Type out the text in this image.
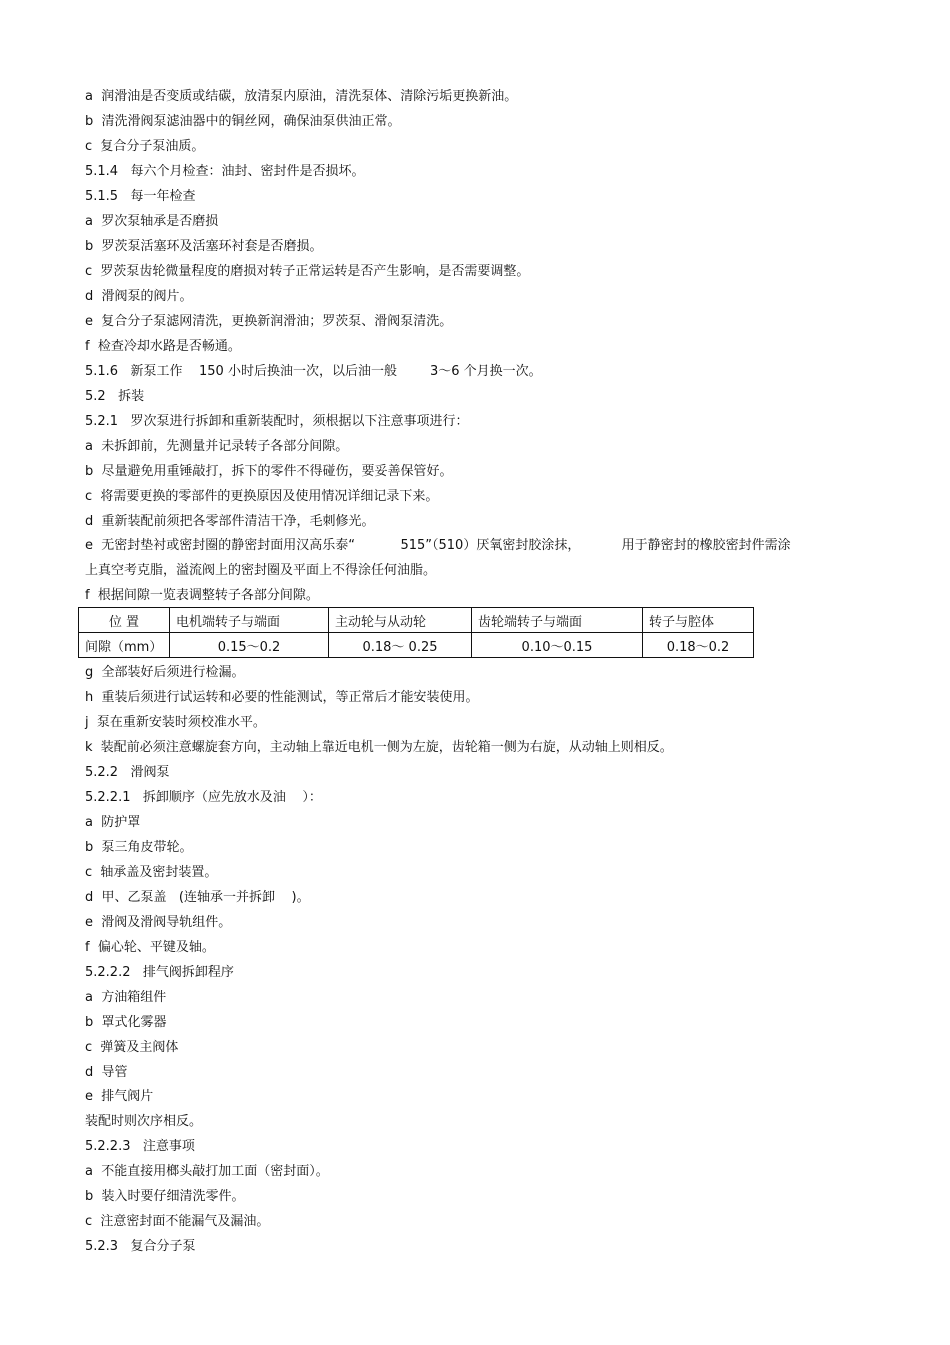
a  润滑油是否变质或结碳，放清泵内原油，清洗泵体、清除污垢更换新油。
b  清洗滑阀泵滤油器中的铜丝网，确保油泵供油正常。
c  复合分子泵油质。
5.1.4   每六个月检查：油封、密封件是否损坏。
5.1.5   每一年检查
a  罗次泵轴承是否磨损
b  罗茨泵活塞环及活塞环衬套是否磨损。
c  罗茨泵齿轮微量程度的磨损对转子正常运转是否产生影响，是否需要调整。
d  滑阀泵的阀片。
e  复合分子泵滤网清洗，更换新润滑油；罗茨泵、滑阀泵清洗。
f  检查冷却水路是否畅通。
5.1.6   新泵工作    150 小时后换油一次，以后油一般        3～6 个月换一次。
5.2   拆装
5.2.1   罗次泵进行拆卸和重新装配时，须根据以下注意事项进行：
a  未拆卸前，先测量并记录转子各部分间隙。
b  尽量避免用重锤敲打，拆下的零件不得碰伤，要妥善保管好。
c  将需要更换的零部件的更换原因及使用情况详细记录下来。
d  重新装配前须把各零部件清洁干净，毛刺修光。
e  无密封垫衬或密封圈的静密封面用汉高乐泰“           515”（510）厌氧密封胶涂抹，          用于静密封的橡胶密封件需涂
上真空考克脂，溢流阀上的密封圈及平面上不得涂任何油脂。
f  根据间隙一览表调整转子各部分间隙。
g  全部装好后须进行检漏。
h  重装后须进行试运转和必要的性能测试，等正常后才能安装使用。
j  泵在重新安装时须校准水平。
k  装配前必须注意螺旋套方向，主动轴上靠近电机一侧为左旋，齿轮箱一侧为右旋，从动轴上则相反。
5.2.2   滑阀泵
5.2.2.1   拆卸顺序（应先放水及油    ）：
a  防护罩
b  泵三角皮带轮。
c  轴承盖及密封装置。
d  甲、乙泵盖   (连轴承一并拆卸    )。
e  滑阀及滑阀导轨组件。
f  偏心轮、平键及轴。
5.2.2.2   排气阀拆卸程序
a  方油箱组件
b  罩式化雾器
c  弹簧及主阀体
d  导管
e  排气阀片
装配时则次序相反。
5.2.2.3   注意事项
a  不能直接用榔头敲打加工面（密封面）。
b  装入时要仔细清洗零件。
c  注意密封面不能漏气及漏油。
5.2.3   复合分子泵
位 置	电机端转子与端面	主动轮与从动轮	齿轮端转子与端面	转子与腔体
间隙（mm）	0.15～0.2	0.18～ 0.25	0.10～0.15	0.18～0.2
